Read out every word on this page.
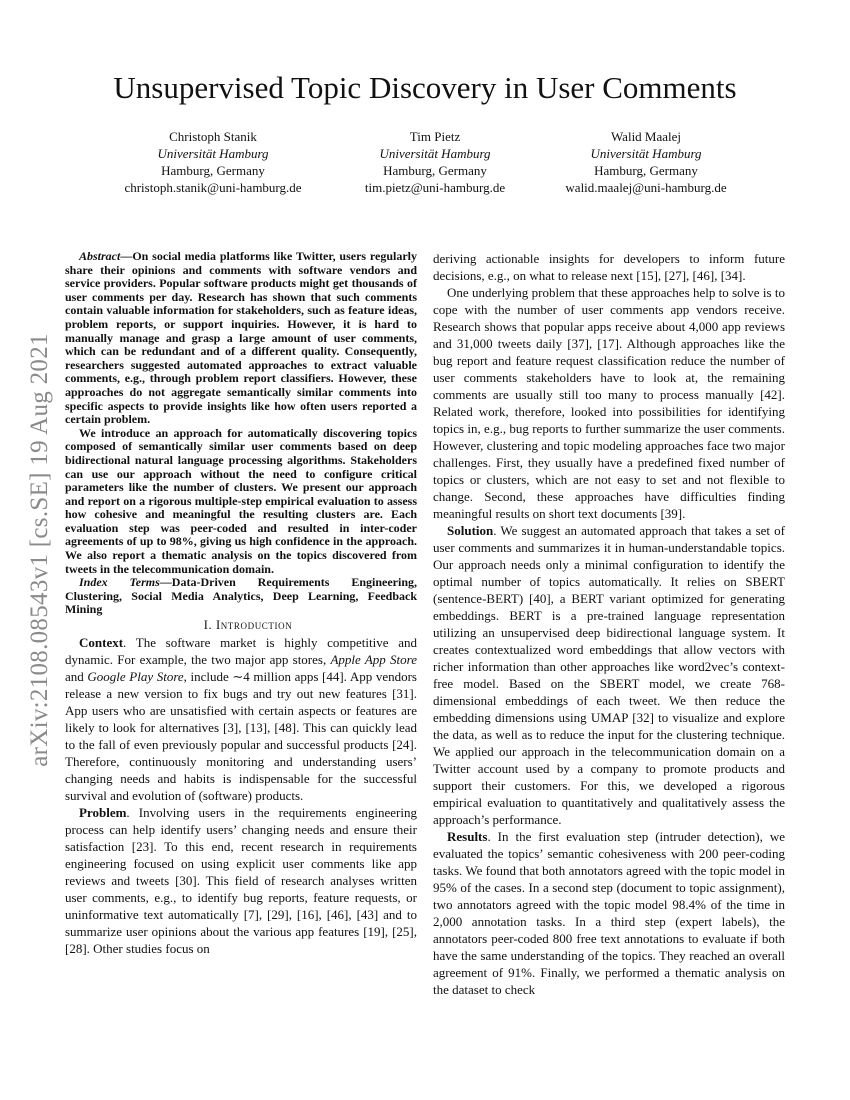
arXiv:2108.08543v1 [cs.SE] 19 Aug 2021
Unsupervised Topic Discovery in User Comments
Christoph Stanik
Universität Hamburg
Hamburg, Germany
christoph.stanik@uni-hamburg.de
Tim Pietz
Universität Hamburg
Hamburg, Germany
tim.pietz@uni-hamburg.de
Walid Maalej
Universität Hamburg
Hamburg, Germany
walid.maalej@uni-hamburg.de

Abstract—On social media platforms like Twitter, users regularly share their opinions and comments with software vendors and service providers. Popular software products might get thousands of user comments per day. Research has shown that such comments contain valuable information for stakeholders, such as feature ideas, problem reports, or support inquiries. However, it is hard to manually manage and grasp a large amount of user comments, which can be redundant and of a different quality. Consequently, researchers suggested automated approaches to extract valuable comments, e.g., through problem report classifiers. However, these approaches do not aggregate semantically similar comments into specific aspects to provide insights like how often users reported a certain problem.

We introduce an approach for automatically discovering topics composed of semantically similar user comments based on deep bidirectional natural language processing algorithms. Stakeholders can use our approach without the need to configure critical parameters like the number of clusters. We present our approach and report on a rigorous multiple-step empirical evaluation to assess how cohesive and meaningful the resulting clusters are. Each evaluation step was peer-coded and resulted in inter-coder agreements of up to 98%, giving us high confidence in the approach. We also report a thematic analysis on the topics discovered from tweets in the telecommunication domain.

Index Terms—Data-Driven Requirements Engineering, Clustering, Social Media Analytics, Deep Learning, Feedback Mining

I. Introduction

Context. The software market is highly competitive and dynamic. For example, the two major app stores, Apple App Store and Google Play Store, include ∼4 million apps [44]. App vendors release a new version to fix bugs and try out new features [31]. App users who are unsatisfied with certain aspects or features are likely to look for alternatives [3], [13], [48]. This can quickly lead to the fall of even previously popular and successful products [24]. Therefore, continuously monitoring and understanding users’ changing needs and habits is indispensable for the successful survival and evolution of (software) products.

Problem. Involving users in the requirements engineering process can help identify users’ changing needs and ensure their satisfaction [23]. To this end, recent research in requirements engineering focused on using explicit user comments like app reviews and tweets [30]. This field of research analyses written user comments, e.g., to identify bug reports, feature requests, or uninformative text automatically [7], [29], [16], [46], [43] and to summarize user opinions about the various app features [19], [25], [28]. Other studies focus on

deriving actionable insights for developers to inform future decisions, e.g., on what to release next [15], [27], [46], [34].

One underlying problem that these approaches help to solve is to cope with the number of user comments app vendors receive. Research shows that popular apps receive about 4,000 app reviews and 31,000 tweets daily [37], [17]. Although approaches like the bug report and feature request classification reduce the number of user comments stakeholders have to look at, the remaining comments are usually still too many to process manually [42]. Related work, therefore, looked into possibilities for identifying topics in, e.g., bug reports to further summarize the user comments. However, clustering and topic modeling approaches face two major challenges. First, they usually have a predefined fixed number of topics or clusters, which are not easy to set and not flexible to change. Second, these approaches have difficulties finding meaningful results on short text documents [39].

Solution. We suggest an automated approach that takes a set of user comments and summarizes it in human-understandable topics. Our approach needs only a minimal configuration to identify the optimal number of topics automatically. It relies on SBERT (sentence-BERT) [40], a BERT variant optimized for generating embeddings. BERT is a pre-trained language representation utilizing an unsupervised deep bidirectional language system. It creates contextualized word embeddings that allow vectors with richer information than other approaches like word2vec’s context-free model. Based on the SBERT model, we create 768-dimensional embeddings of each tweet. We then reduce the embedding dimensions using UMAP [32] to visualize and explore the data, as well as to reduce the input for the clustering technique. We applied our approach in the telecommunication domain on a Twitter account used by a company to promote products and support their customers. For this, we developed a rigorous empirical evaluation to quantitatively and qualitatively assess the approach’s performance.

Results. In the first evaluation step (intruder detection), we evaluated the topics’ semantic cohesiveness with 200 peer-coding tasks. We found that both annotators agreed with the topic model in 95% of the cases. In a second step (document to topic assignment), two annotators agreed with the topic model 98.4% of the time in 2,000 annotation tasks. In a third step (expert labels), the annotators peer-coded 800 free text annotations to evaluate if both have the same understanding of the topics. They reached an overall agreement of 91%. Finally, we performed a thematic analysis on the dataset to check
